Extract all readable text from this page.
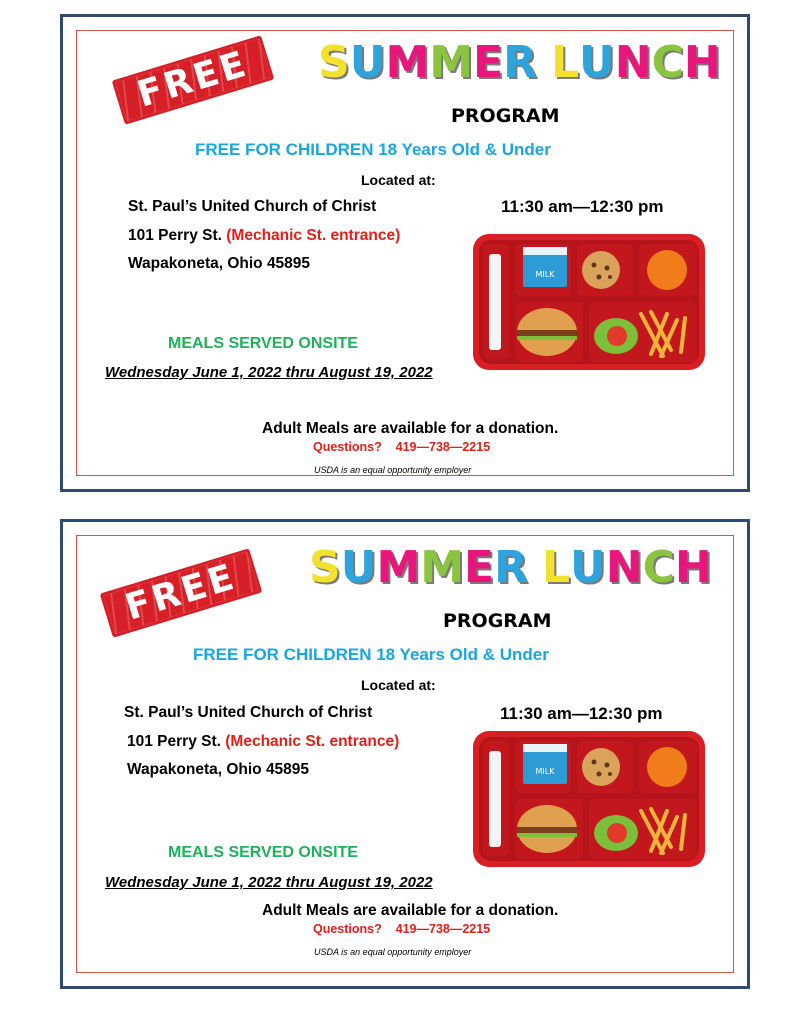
FREE SUMMER LUNCH
PROGRAM
FREE FOR CHILDREN 18 Years Old & Under
Located at:
St. Paul’s United Church of Christ
101 Perry St. (Mechanic St. entrance)
Wapakoneta, Ohio 45895
11:30 am—12:30 pm
MILK
MEALS SERVED ONSITE
Wednesday June 1, 2022 thru August 19, 2022
Adult Meals are available for a donation.
Questions?    419—738—2215
USDA is an equal opportunity employer
FREE SUMMER LUNCH
PROGRAM
FREE FOR CHILDREN 18 Years Old & Under
Located at:
St. Paul’s United Church of Christ
101 Perry St. (Mechanic St. entrance)
Wapakoneta, Ohio 45895
11:30 am—12:30 pm
MILK
MEALS SERVED ONSITE
Wednesday June 1, 2022 thru August 19, 2022
Adult Meals are available for a donation.
Questions?    419—738—2215
USDA is an equal opportunity employer
